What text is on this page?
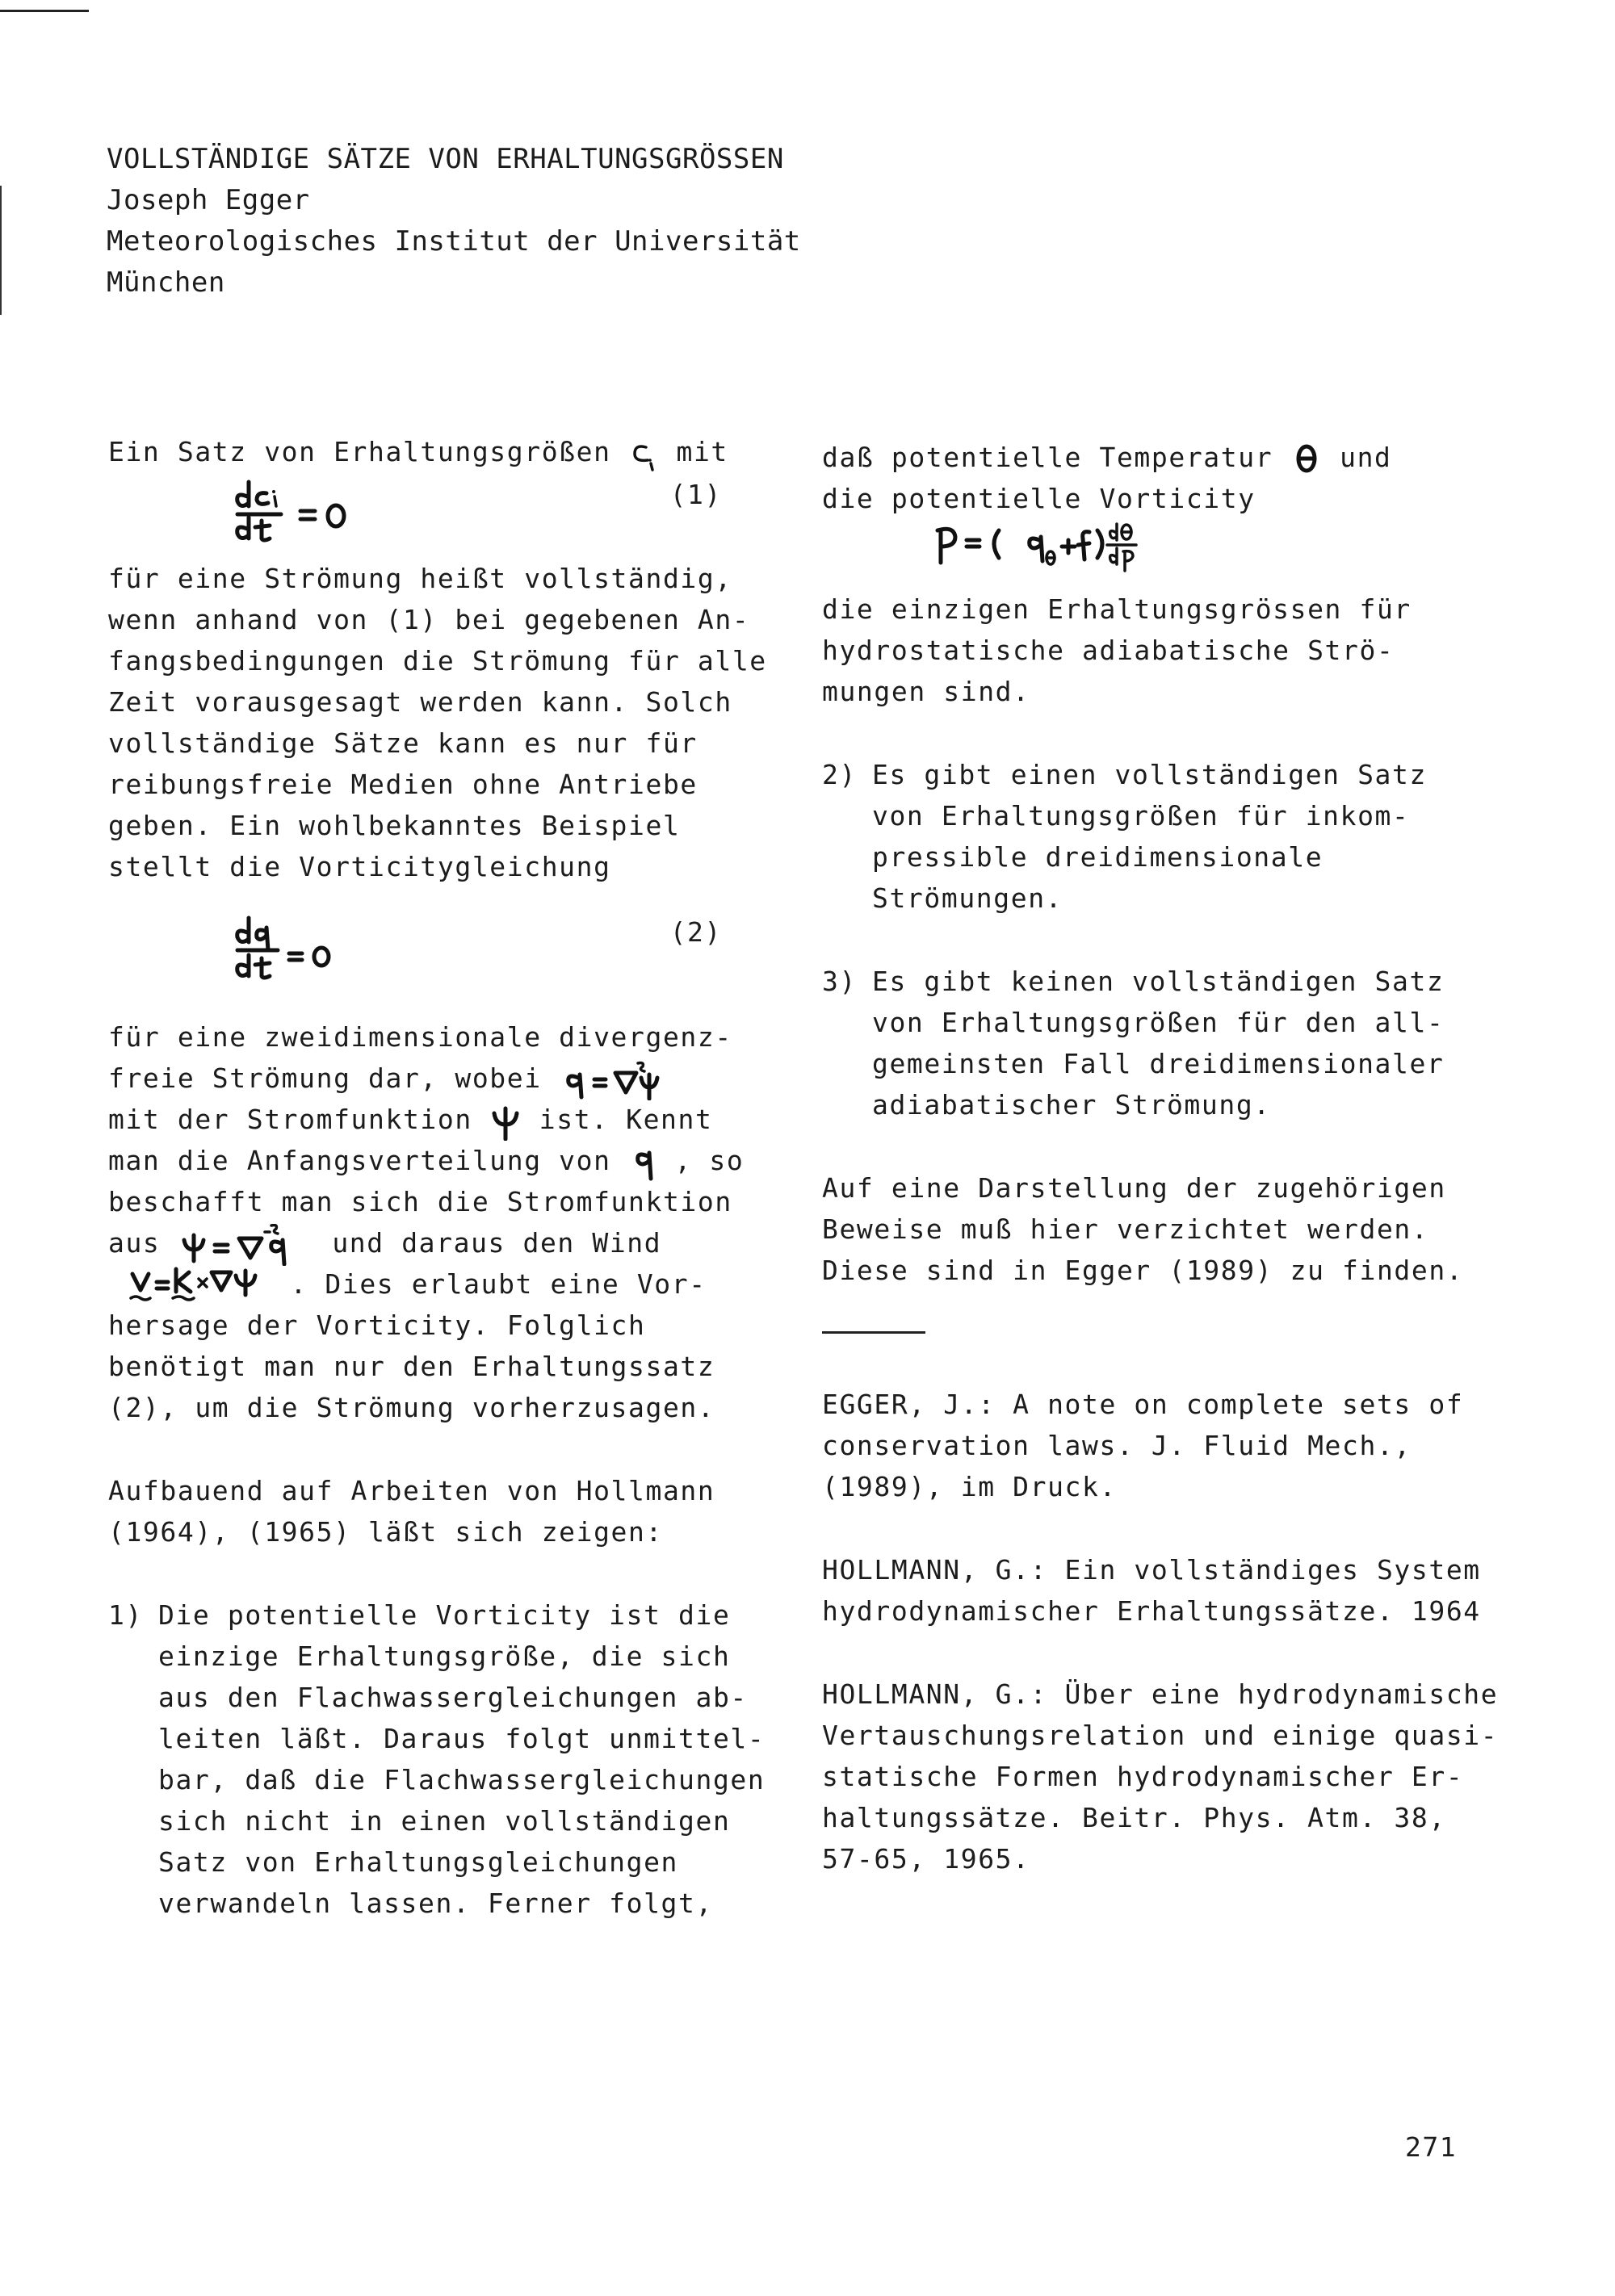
VOLLSTÄNDIGE SÄTZE VON ERHALTUNGSGRÖSSEN
Joseph Egger
Meteorologisches Institut der Universität
München
Ein Satz von Erhaltungsgrößen mit
(1)
für eine Strömung heißt vollständig,
wenn anhand von (1) bei gegebenen An-
fangsbedingungen die Strömung für alle
Zeit vorausgesagt werden kann. Solch
vollständige Sätze kann es nur für
reibungsfreie Medien ohne Antriebe
geben. Ein wohlbekanntes Beispiel
stellt die Vorticitygleichung
(2)
für eine zweidimensionale divergenz-
freie Strömung dar, wobei
mit der Stromfunktion	ist. Kennt
man die Anfangsverteilung von , so
beschafft man sich die Stromfunktion
aus	und daraus den Wind
. Dies erlaubt eine Vor-
hersage der Vorticity. Folglich
benötigt man nur den Erhaltungssatz
(2), um die Strömung vorherzusagen.
Aufbauend auf Arbeiten von Hollmann
(1964), (1965) läßt sich zeigen:
1) Die potentielle Vorticity ist die
einzige Erhaltungsgröße, die sich
aus den Flachwassergleichungen ab-
leiten läßt. Daraus folgt unmittel-
bar, daß die Flachwassergleichungen
sich nicht in einen vollständigen
Satz von Erhaltungsgleichungen
verwandeln lassen. Ferner folgt,
daß potentielle Temperatur	und
die potentielle Vorticity
die einzigen Erhaltungsgrössen für
hydrostatische adiabatische Strö-
mungen sind.
2) Es gibt einen vollständigen Satz
von Erhaltungsgrößen für inkom-
pressible dreidimensionale
Strömungen.
3) Es gibt keinen vollständigen Satz
von Erhaltungsgrößen für den all-
gemeinsten Fall dreidimensionaler
adiabatischer Strömung.
Auf eine Darstellung der zugehörigen
Beweise muß hier verzichtet werden.
Diese sind in Egger (1989) zu finden.
EGGER, J.: A note on complete sets of
conservation laws. J. Fluid Mech.,
(1989), im Druck.
HOLLMANN, G.: Ein vollständiges System
hydrodynamischer Erhaltungssätze. 1964
HOLLMANN, G.: Über eine hydrodynamische
Vertauschungsrelation und einige quasi-
statische Formen hydrodynamischer Er-
haltungssätze. Beitr. Phys. Atm. 38,
57-65, 1965.
271
